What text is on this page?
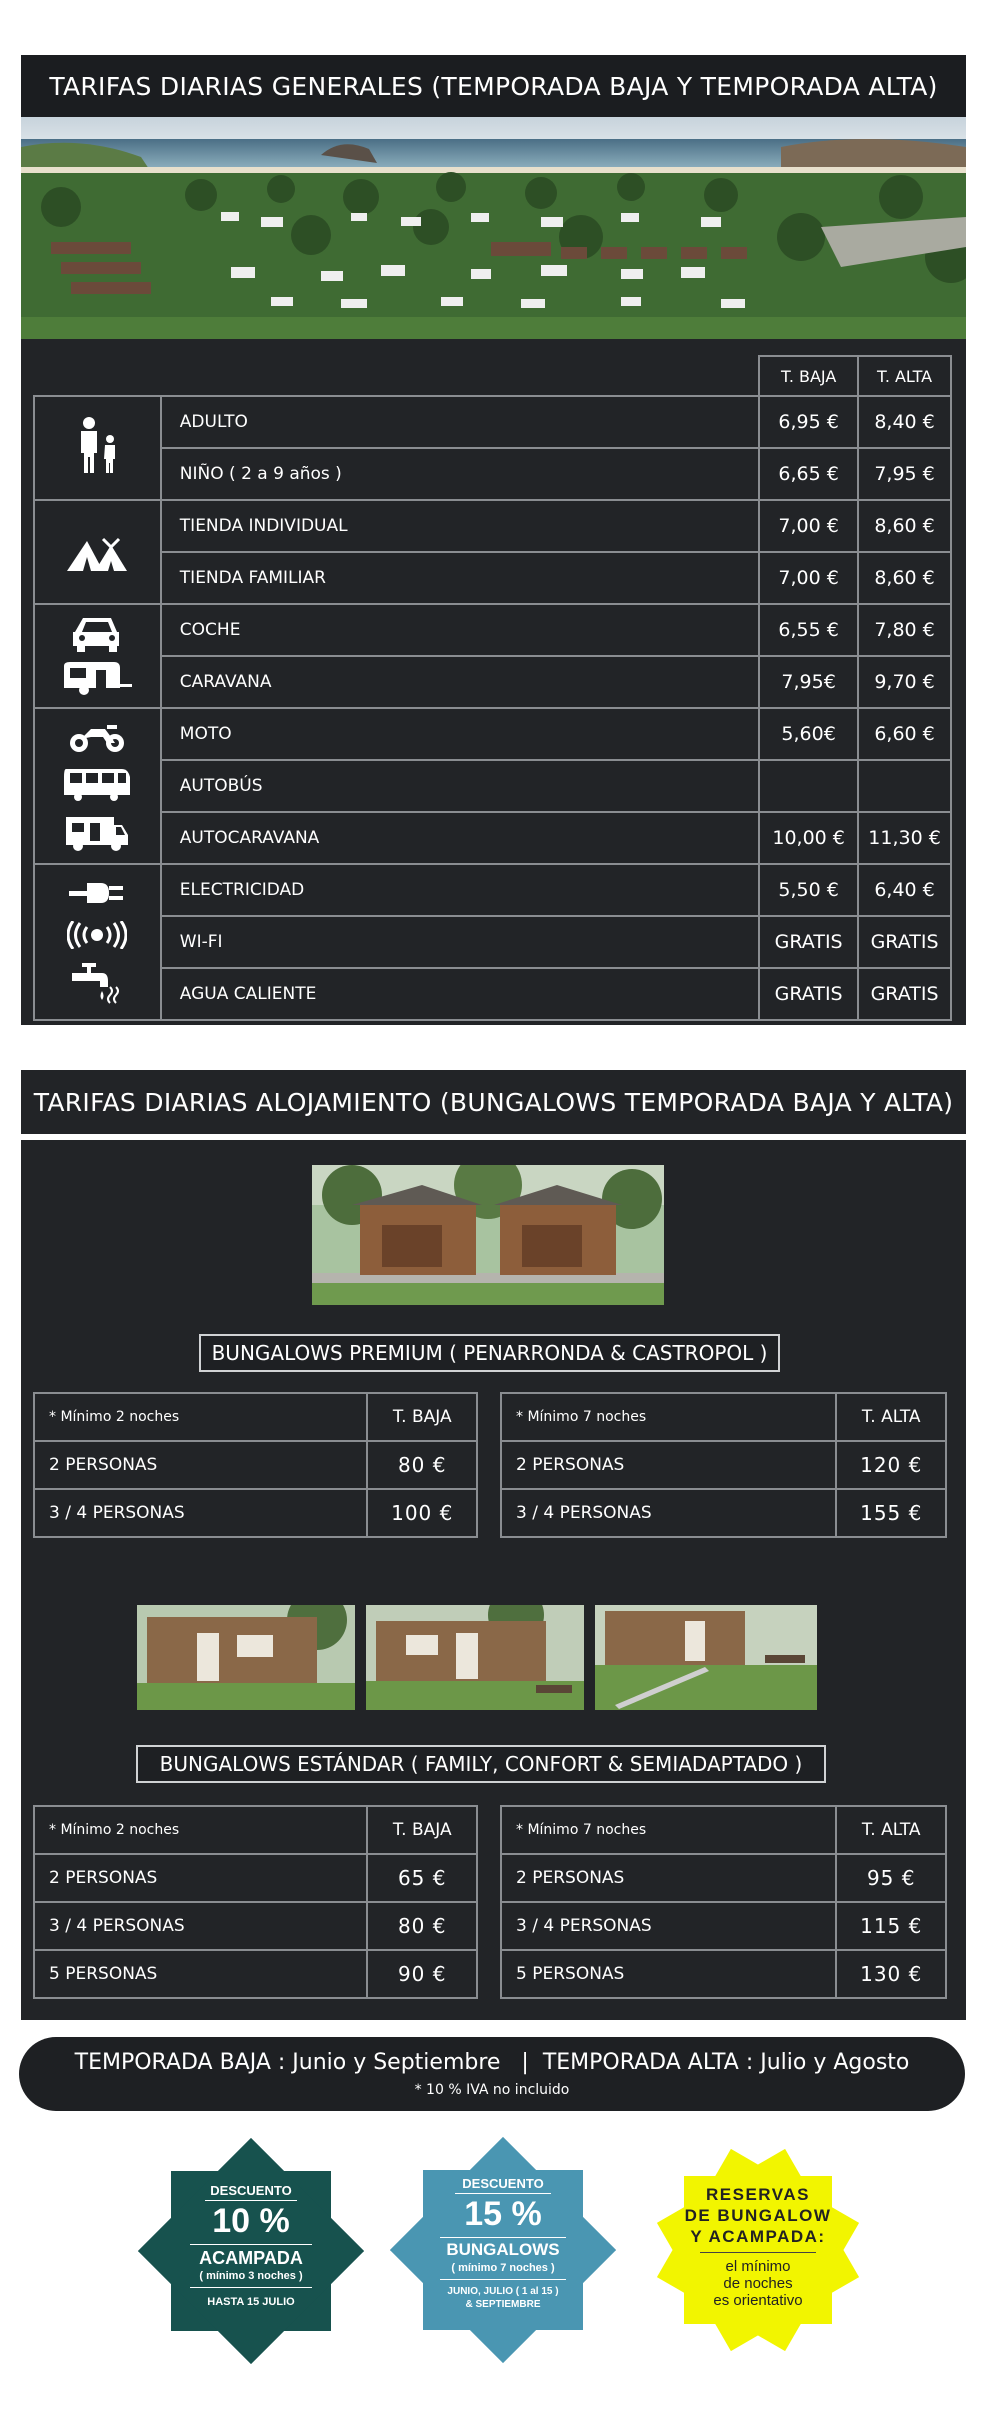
TARIFAS DIARIAS GENERALES (TEMPORADA BAJA Y TEMPORADA ALTA)
		T. BAJA	T. ALTA
	ADULTO	6,95 €	8,40 €
	NIÑO ( 2 a 9 años )	6,65 €	7,95 €
	TIENDA INDIVIDUAL	7,00 €	8,60 €
	TIENDA FAMILIAR	7,00 €	8,60 €

	COCHE	6,55 €	7,80 €
	CARAVANA	7,95€	9,70 €

	MOTO	5,60€	6,60 €
	AUTOBÚS		
	AUTOCARAVANA	10,00 €	11,30 €

	ELECTRICIDAD	5,50 €	6,40 €
	WI-FI	GRATIS	GRATIS
	AGUA CALIENTE	GRATIS	GRATIS
TARIFAS DIARIAS ALOJAMIENTO (BUNGALOWS TEMPORADA BAJA Y ALTA)
BUNGALOWS PREMIUM ( PENARRONDA & CASTROPOL )
* Mínimo 2 noches	T. BAJA
2 PERSONAS	80 €
3 / 4 PERSONAS	100 €
* Mínimo 7 noches	T. ALTA
2 PERSONAS	120 €
3 / 4 PERSONAS	155 €
BUNGALOWS ESTÁNDAR ( FAMILY, CONFORT & SEMIADAPTADO )
* Mínimo 2 noches	T. BAJA
2 PERSONAS	65 €
3 / 4 PERSONAS	80 €
5 PERSONAS	90 €
* Mínimo 7 noches	T. ALTA
2 PERSONAS	95 €
3 / 4 PERSONAS	115 €
5 PERSONAS	130 €
TEMPORADA BAJA : Junio y Septiembre   |  TEMPORADA ALTA : Julio y Agosto
* 10 % IVA no incluido
DESCUENTO
10 %
ACAMPADA
( mínimo 3 noches )
HASTA 15 JULIO
DESCUENTO
15 %
BUNGALOWS
( mínimo 7 noches )
JUNIO, JULIO ( 1 al 15 )
& SEPTIEMBRE
RESERVAS
DE BUNGALOW
Y ACAMPADA:
el mínimo
de noches
es orientativo
